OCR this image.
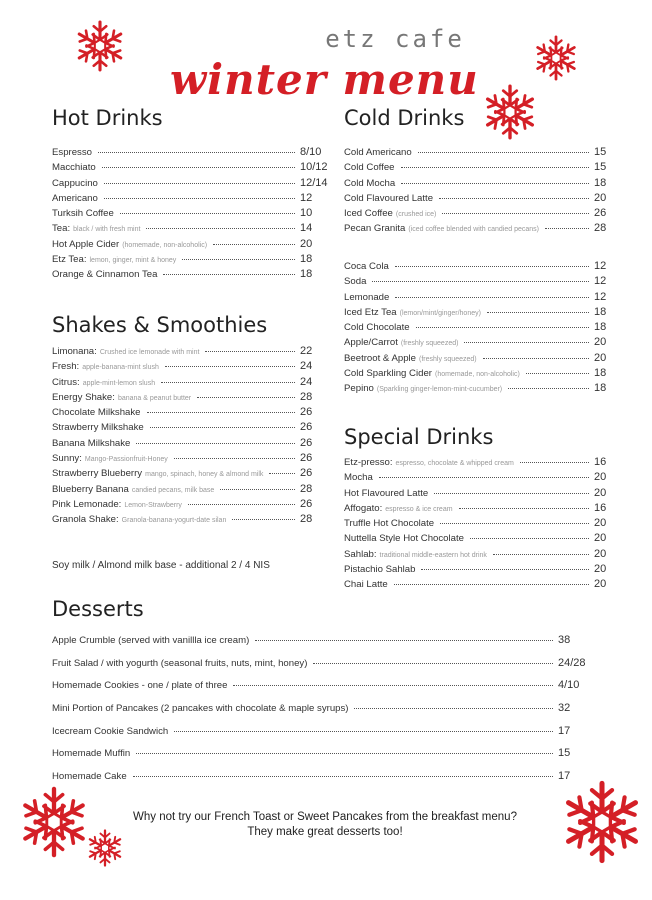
etz cafe
winter menu
Hot Drinks
Espresso	8/10
Macchiato	10/12
Cappucino	12/14
Americano	12
Turksih Coffee	10
Tea: black / with fresh mint	14
Hot Apple Cider (homemade, non-alcoholic)	20
Etz Tea: lemon, ginger, mint & honey	18
Orange & Cinnamon Tea	18
Shakes & Smoothies
Limonana: Crushed ice lemonade with mint	22
Fresh: apple-banana-mint slush	24
Citrus: apple-mint-lemon slush	24
Energy Shake: banana & peanut butter	28
Chocolate Milkshake	26
Strawberry Milkshake	26
Banana Milkshake	26
Sunny: Mango-Passionfruit-Honey	26
Strawberry Blueberry mango, spinach, honey & almond milk	26
Blueberry Banana candied pecans, milk base	28
Pink Lemonade: Lemon-Strawberry	26
Granola Shake: Granola-banana-yogurt-date silan	28
Soy milk / Almond milk base - additional 2 / 4 NIS
Cold Drinks
Cold Americano	15
Cold Coffee	15
Cold Mocha	18
Cold Flavoured Latte	20
Iced Coffee (crushed ice)	26
Pecan Granita (iced coffee blended with candied pecans)	28
Coca Cola	12
Soda	12
Lemonade	12
Iced Etz Tea (lemon/mint/ginger/honey)	18
Cold Chocolate	18
Apple/Carrot (freshly squeezed)	20
Beetroot & Apple (freshly squeezed)	20
Cold Sparkling Cider (homemade, non-alcoholic)	18
Pepino (Sparkling ginger-lemon-mint-cucumber)	18
Special Drinks
Etz-presso: espresso, chocolate & whipped cream	16
Mocha	20
Hot Flavoured Latte	20
Affogato: espresso & ice cream	16
Truffle Hot Chocolate	20
Nuttella Style Hot Chocolate	20
Sahlab: traditional middle-eastern hot drink	20
Pistachio Sahlab	20
Chai Latte	20
Desserts
Apple Crumble (served with vanillla ice cream)	38
Fruit Salad / with yogurth (seasonal fruits, nuts, mint, honey)	24/28
Homemade Cookies - one / plate of three	4/10
Mini Portion of Pancakes (2 pancakes with chocolate & maple syrups)	32
Icecream Cookie Sandwich	17
Homemade Muffin	15
Homemade Cake	17
Why not try our French Toast or Sweet Pancakes from the breakfast menu?
They make great desserts too!
